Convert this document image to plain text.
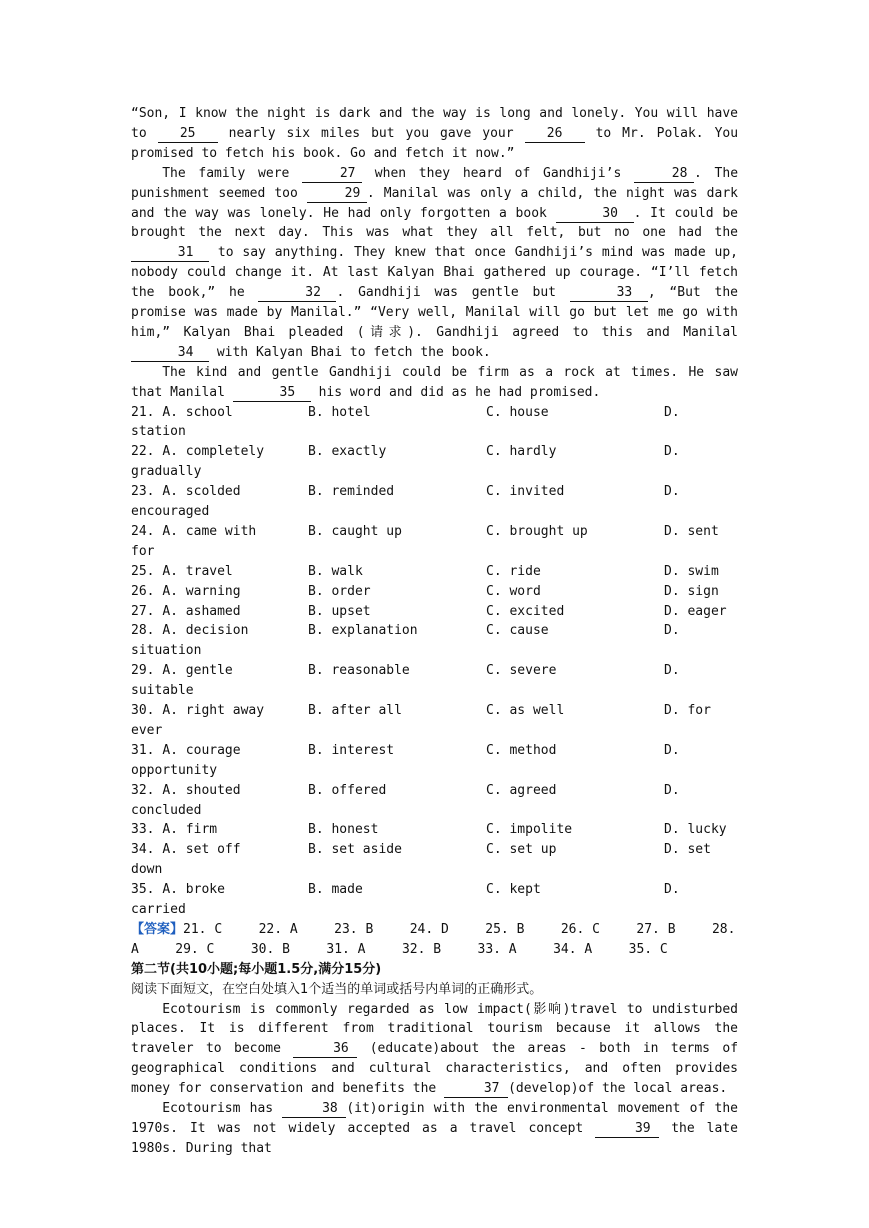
“Son, I know the night is dark and the way is long and lonely. You will have to	25	nearly six miles but you gave your	26	to Mr. Polak. You promised to fetch his book. Go and fetch it now.”

The family were	27 when they heard of Gandhiji’s	28 . The punishment seemed too	29 . Manilal was only a child, the night was dark and the way was lonely. He had only forgotten a book	30 . It could be brought the next day. This was what they all felt, but no one had the 31 to say anything. They knew that once Gandhiji’s mind was made up, nobody could change it. At last Kalyan Bhai gathered up courage. “I’ll fetch the book,” he	32 . Gandhiji was gentle but	33 , “But the promise was made by Manilal.” “Very well, Manilal will go but let me go with him,” Kalyan Bhai pleaded (请求). Gandhiji agreed to this and Manilal 34 with Kalyan Bhai to fetch the book.

The kind and gentle Gandhiji could be firm as a rock at times. He saw that Manilal	35 his word and did as he had promised.

21. A. school	B. hotel	C. house	D.
station
22. A. completely	B. exactly	C. hardly	D.
gradually
23. A. scolded	B. reminded	C. invited	D.
encouraged
24. A. came with	B. caught up	C. brought up	D. sent
for
25. A. travel	B. walk	C. ride	D. swim
26. A. warning	B. order	C. word	D. sign
27. A. ashamed	B. upset	C. excited	D. eager
28. A. decision	B. explanation	C. cause	D.
situation
29. A. gentle	B. reasonable	C. severe	D.
suitable
30. A. right away	B. after all	C. as well	D. for
ever
31. A. courage	B. interest	C. method	D.
opportunity
32. A. shouted	B. offered	C. agreed	D.
concluded
33. A. firm	B. honest	C. impolite	D. lucky
34. A. set off	B. set aside	C. set up	D. set
down
35. A. broke	B. made	C. kept	D.
carried

【答案】21. C	22. A	23. B	24. D	25. B	26. C	27. B	28. A	29. C	30. B	31. A	32. B	33. A	34. A	35. C

第二节(共10小题;每小题1.5分,满分15分)

阅读下面短文，在空白处填入1个适当的单词或括号内单词的正确形式。

Ecotourism is commonly regarded as low impact(影响)travel to undisturbed places. It is different from traditional tourism because it allows the traveler to become	36 (educate)about the areas - both in terms of geographical conditions and cultural characteristics, and often provides money for conservation and benefits the	37 (develop)of the local areas.

Ecotourism has	38 (it)origin with the environmental movement of the 1970s. It was not widely accepted as a travel concept	39 the late 1980s. During that
